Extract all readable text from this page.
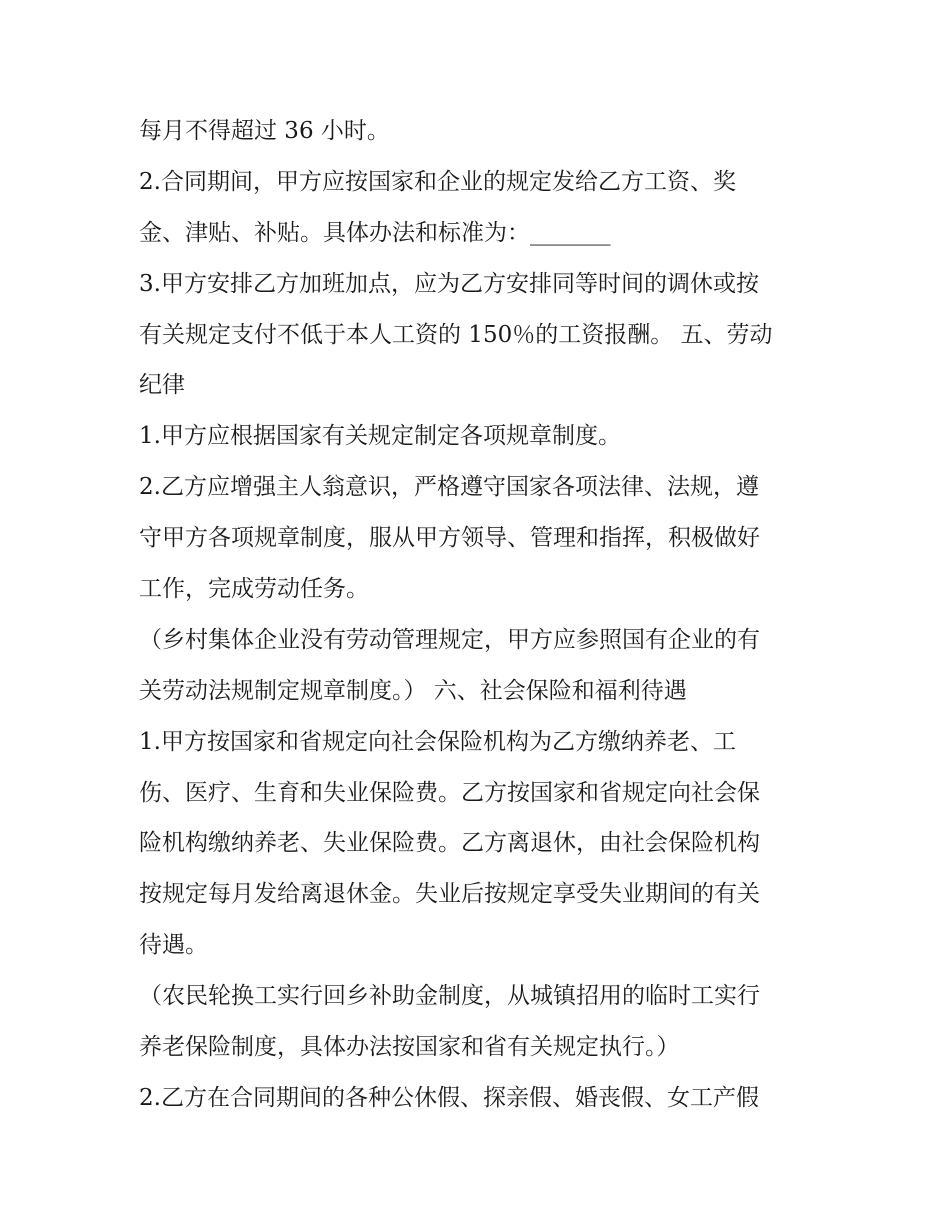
每月不得超过 36 小时。
2.合同期间，甲方应按国家和企业的规定发给乙方工资、奖
金、津贴、补贴。具体办法和标准为：_______
3.甲方安排乙方加班加点，应为乙方安排同等时间的调休或按
有关规定支付不低于本人工资的 150％的工资报酬。 五、劳动
纪律
1.甲方应根据国家有关规定制定各项规章制度。
2.乙方应增强主人翁意识，严格遵守国家各项法律、法规，遵
守甲方各项规章制度，服从甲方领导、管理和指挥，积极做好
工作，完成劳动任务。
（乡村集体企业没有劳动管理规定，甲方应参照国有企业的有
关劳动法规制定规章制度。） 六、社会保险和福利待遇
1.甲方按国家和省规定向社会保险机构为乙方缴纳养老、工
伤、医疗、生育和失业保险费。乙方按国家和省规定向社会保
险机构缴纳养老、失业保险费。乙方离退休，由社会保险机构
按规定每月发给离退休金。失业后按规定享受失业期间的有关
待遇。
（农民轮换工实行回乡补助金制度，从城镇招用的临时工实行
养老保险制度，具体办法按国家和省有关规定执行。）
2.乙方在合同期间的各种公休假、探亲假、婚丧假、女工产假
